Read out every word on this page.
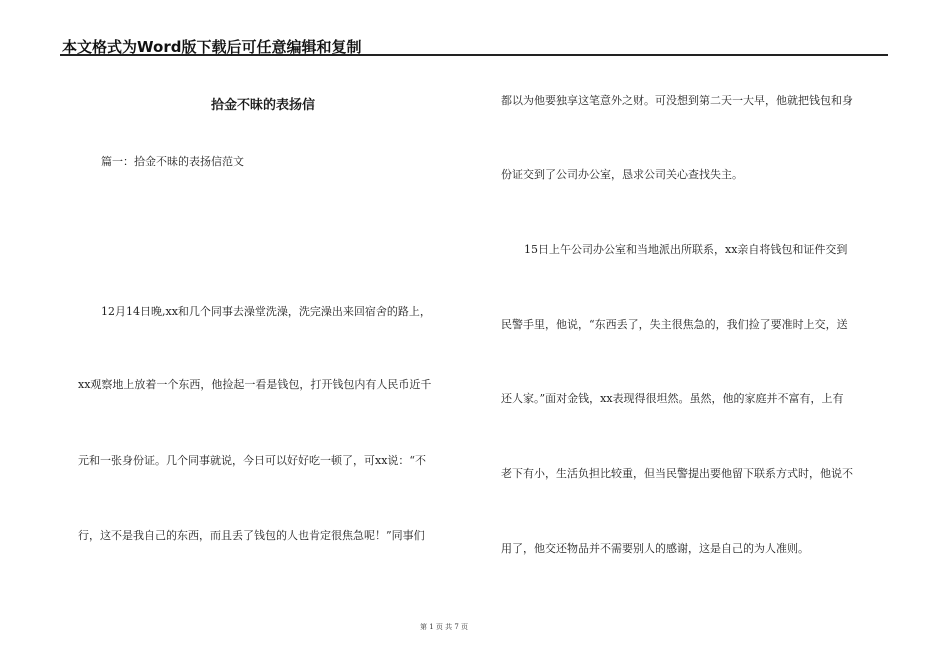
本文格式为Word版下载后可任意编辑和复制
拾金不昧的表扬信
篇一：拾金不昧的表扬信范文
12月14日晚,xx和几个同事去澡堂洗澡，洗完澡出来回宿舍的路上，
xx观察地上放着一个东西，他捡起一看是钱包，打开钱包内有人民币近千
元和一张身份证。几个同事就说，今日可以好好吃一顿了，可xx说：“不
行，这不是我自己的东西，而且丢了钱包的人也肯定很焦急呢！”同事们
都以为他要独享这笔意外之财。可没想到第二天一大早，他就把钱包和身
份证交到了公司办公室，恳求公司关心查找失主。
15日上午公司办公室和当地派出所联系，xx亲自将钱包和证件交到
民警手里，他说，“东西丢了，失主很焦急的，我们捡了要准时上交，送
还人家。”面对金钱，xx表现得很坦然。虽然，他的家庭并不富有，上有
老下有小，生活负担比较重，但当民警提出要他留下联系方式时，他说不
用了，他交还物品并不需要别人的感谢，这是自己的为人准则。
第 1 页 共 7 页
